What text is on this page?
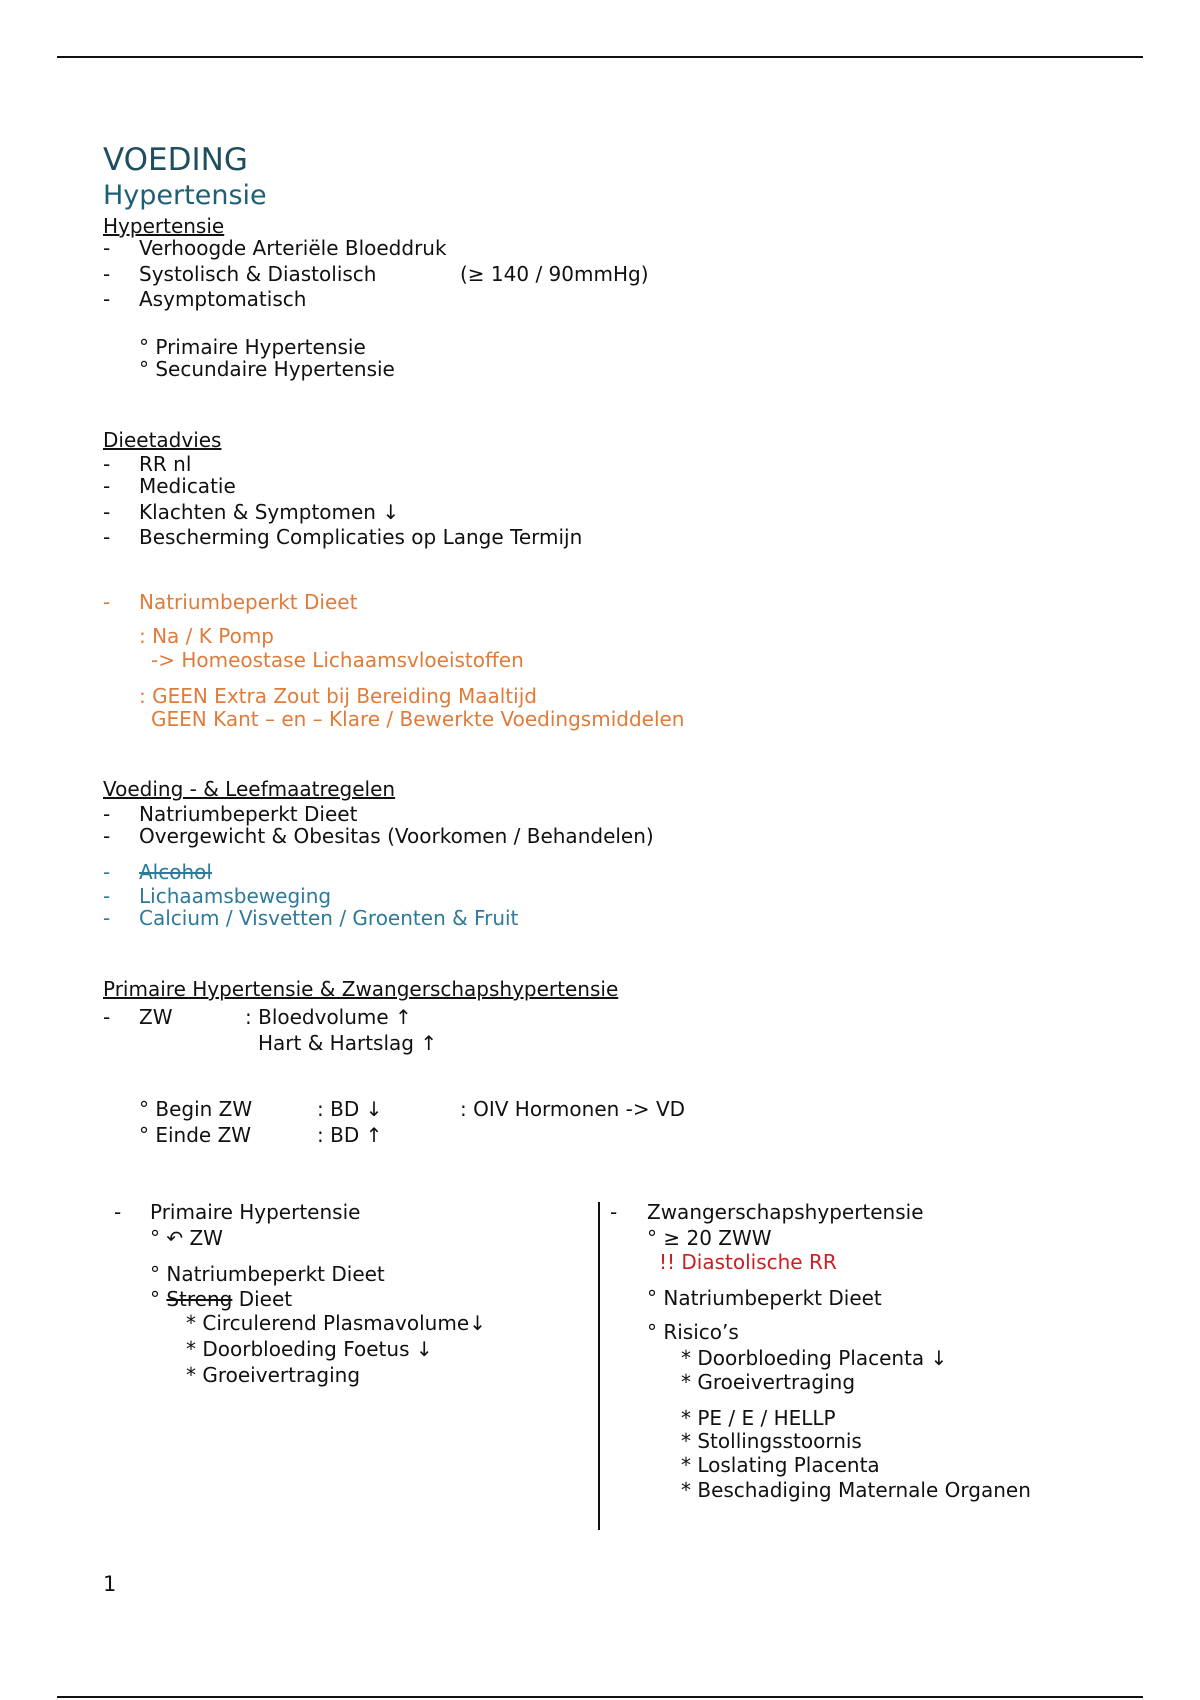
VOEDING
Hypertensie
Hypertensie
- Verhoogde Arteriële Bloeddruk
- Systolisch & Diastolisch	(≥ 140 / 90mmHg)
- Asymptomatisch
° Primaire Hypertensie
° Secundaire Hypertensie
Dieetadvies
- RR nl
- Medicatie
- Klachten & Symptomen ↓
- Bescherming Complicaties op Lange Termijn
- Natriumbeperkt Dieet
: Na / K Pomp
-> Homeostase Lichaamsvloeistoffen
: GEEN Extra Zout bij Bereiding Maaltijd
GEEN Kant – en – Klare / Bewerkte Voedingsmiddelen
Voeding - & Leefmaatregelen
- Natriumbeperkt Dieet
- Overgewicht & Obesitas (Voorkomen / Behandelen)
- Alcohol
- Lichaamsbeweging
- Calcium / Visvetten / Groenten & Fruit
Primaire Hypertensie & Zwangerschapshypertensie
- ZW	: Bloedvolume ↑
Hart & Hartslag ↑
° Begin ZW	: BD ↓	: OIV Hormonen -> VD
° Einde ZW	: BD ↑
- Primaire Hypertensie
° ↶ ZW
° Natriumbeperkt Dieet
° Streng Dieet
* Circulerend Plasmavolume↓
* Doorbloeding Foetus ↓
* Groeivertraging
- Zwangerschapshypertensie
° ≥ 20 ZWW
!! Diastolische RR
° Natriumbeperkt Dieet
° Risico’s
* Doorbloeding Placenta ↓
* Groeivertraging
* PE / E / HELLP
* Stollingsstoornis
* Loslating Placenta
* Beschadiging Maternale Organen
1
